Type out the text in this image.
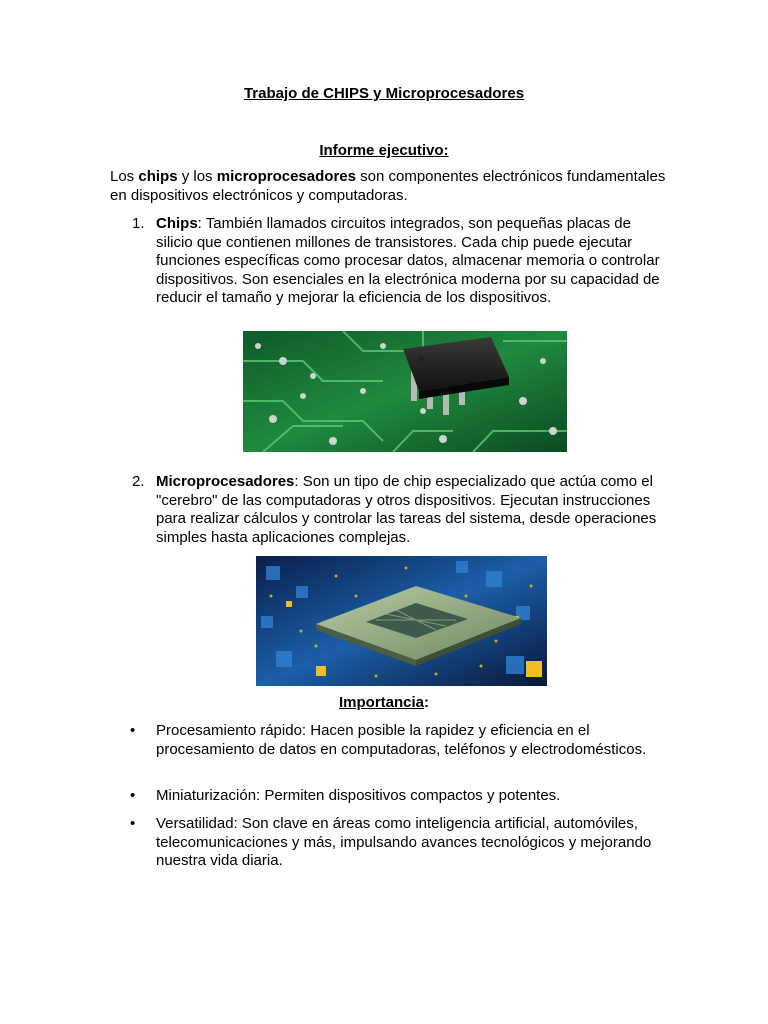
Trabajo de CHIPS y Microprocesadores
Informe ejecutivo:
Los chips y los microprocesadores son componentes electrónicos fundamentales en dispositivos electrónicos y computadoras.
1. Chips: También llamados circuitos integrados, son pequeñas placas de silicio que contienen millones de transistores. Cada chip puede ejecutar funciones específicas como procesar datos, almacenar memoria o controlar dispositivos. Son esenciales en la electrónica moderna por su capacidad de reducir el tamaño y mejorar la eficiencia de los dispositivos.
2. Microprocesadores: Son un tipo de chip especializado que actúa como el "cerebro" de las computadoras y otros dispositivos. Ejecutan instrucciones para realizar cálculos y controlar las tareas del sistema, desde operaciones simples hasta aplicaciones complejas.
Importancia:
•	Procesamiento rápido: Hacen posible la rapidez y eficiencia en el procesamiento de datos en computadoras, teléfonos y electrodomésticos.
•	Miniaturización: Permiten dispositivos compactos y potentes.
•	Versatilidad: Son clave en áreas como inteligencia artificial, automóviles, telecomunicaciones y más, impulsando avances tecnológicos y mejorando nuestra vida diaria.
